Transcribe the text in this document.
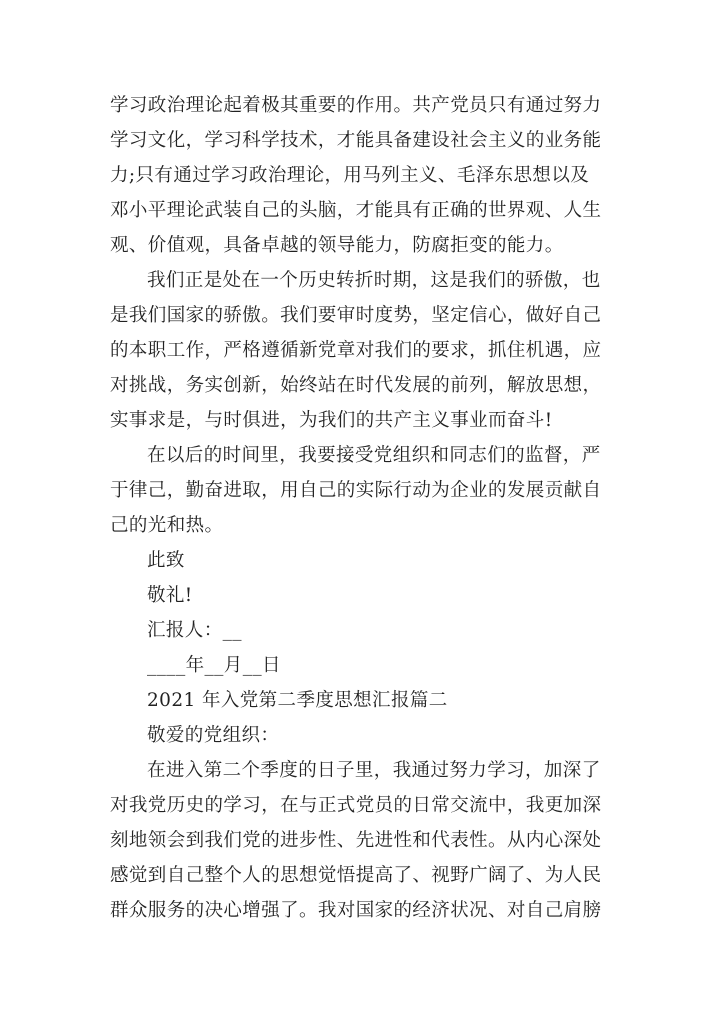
学习政治理论起着极其重要的作用。共产党员只有通过努力
学习文化，学习科学技术，才能具备建设社会主义的业务能
力;只有通过学习政治理论，用马列主义、毛泽东思想以及
邓小平理论武装自己的头脑，才能具有正确的世界观、人生
观、价值观，具备卓越的领导能力，防腐拒变的能力。
我们正是处在一个历史转折时期，这是我们的骄傲，也
是我们国家的骄傲。我们要审时度势，坚定信心，做好自己
的本职工作，严格遵循新党章对我们的要求，抓住机遇，应
对挑战，务实创新，始终站在时代发展的前列，解放思想，
实事求是，与时俱进，为我们的共产主义事业而奋斗!
在以后的时间里，我要接受党组织和同志们的监督，严
于律己，勤奋进取，用自己的实际行动为企业的发展贡献自
己的光和热。
此致
敬礼!
汇报人：__
____年__月__日
2021 年入党第二季度思想汇报篇二
敬爱的党组织：
在进入第二个季度的日子里，我通过努力学习，加深了
对我党历史的学习，在与正式党员的日常交流中，我更加深
刻地领会到我们党的进步性、先进性和代表性。从内心深处
感觉到自己整个人的思想觉悟提高了、视野广阔了、为人民
群众服务的决心增强了。我对国家的经济状况、对自己肩膀
